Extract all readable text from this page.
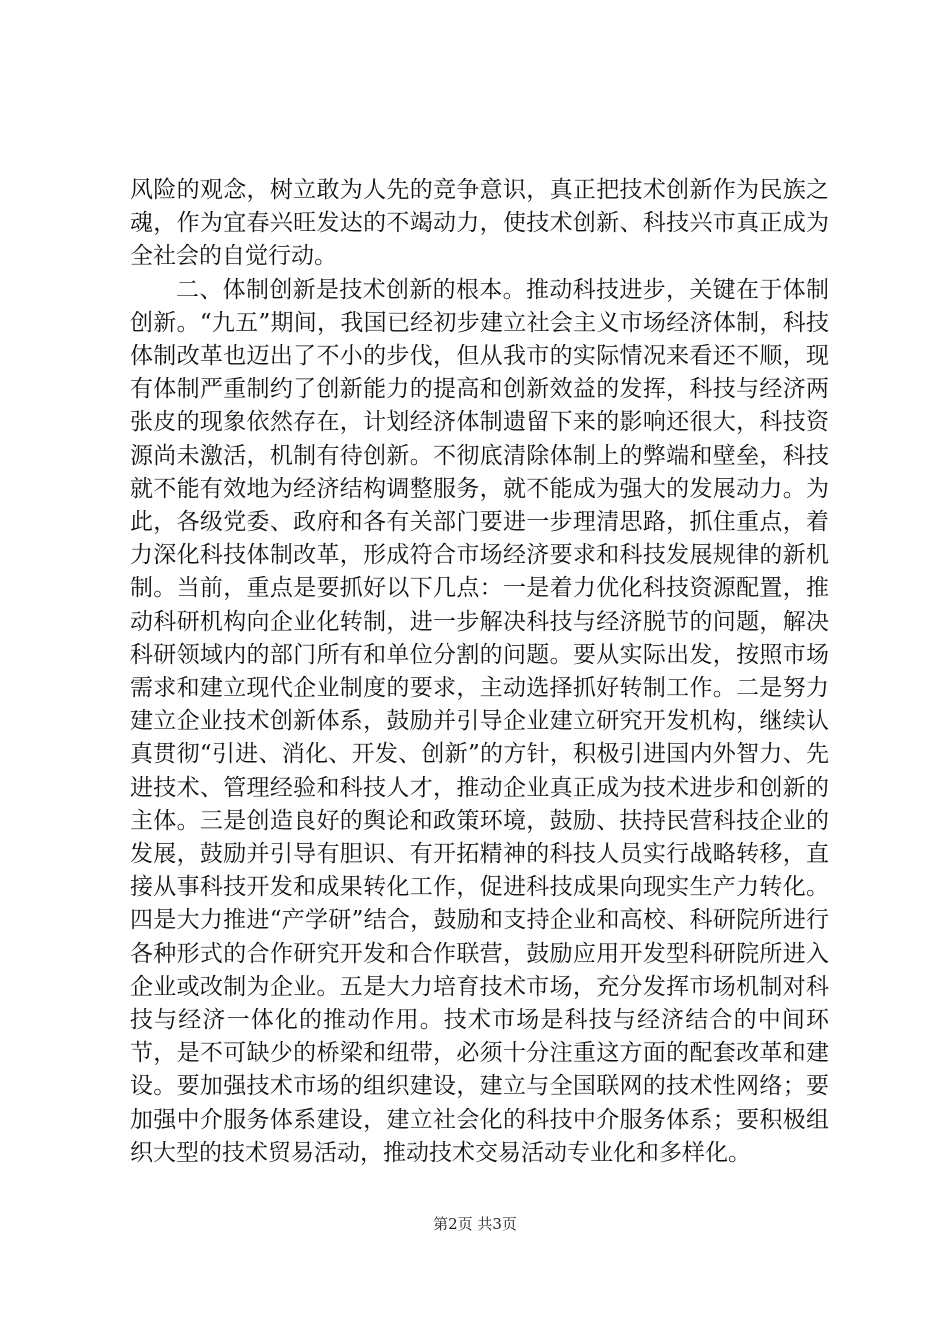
风险的观念，树立敢为人先的竞争意识，真正把技术创新作为民族之魂，作为宜春兴旺发达的不竭动力，使技术创新、科技兴市真正成为全社会的自觉行动。

二、体制创新是技术创新的根本。推动科技进步，关键在于体制创新。“九五”期间，我国已经初步建立社会主义市场经济体制，科技体制改革也迈出了不小的步伐，但从我市的实际情况来看还不顺，现有体制严重制约了创新能力的提高和创新效益的发挥，科技与经济两张皮的现象依然存在，计划经济体制遗留下来的影响还很大，科技资源尚未激活，机制有待创新。不彻底清除体制上的弊端和壁垒，科技就不能有效地为经济结构调整服务，就不能成为强大的发展动力。为此，各级党委、政府和各有关部门要进一步理清思路，抓住重点，着力深化科技体制改革，形成符合市场经济要求和科技发展规律的新机制。当前，重点是要抓好以下几点：一是着力优化科技资源配置，推动科研机构向企业化转制，进一步解决科技与经济脱节的问题，解决科研领域内的部门所有和单位分割的问题。要从实际出发，按照市场需求和建立现代企业制度的要求，主动选择抓好转制工作。二是努力建立企业技术创新体系，鼓励并引导企业建立研究开发机构，继续认真贯彻“引进、消化、开发、创新”的方针，积极引进国内外智力、先进技术、管理经验和科技人才，推动企业真正成为技术进步和创新的主体。三是创造良好的舆论和政策环境，鼓励、扶持民营科技企业的发展，鼓励并引导有胆识、有开拓精神的科技人员实行战略转移，直接从事科技开发和成果转化工作，促进科技成果向现实生产力转化。四是大力推进“产学研”结合，鼓励和支持企业和高校、科研院所进行各种形式的合作研究开发和合作联营，鼓励应用开发型科研院所进入企业或改制为企业。五是大力培育技术市场，充分发挥市场机制对科技与经济一体化的推动作用。技术市场是科技与经济结合的中间环节，是不可缺少的桥梁和纽带，必须十分注重这方面的配套改革和建设。要加强技术市场的组织建设，建立与全国联网的技术性网络；要加强中介服务体系建设，建立社会化的科技中介服务体系；要积极组织大型的技术贸易活动，推动技术交易活动专业化和多样化。

第2页 共3页
